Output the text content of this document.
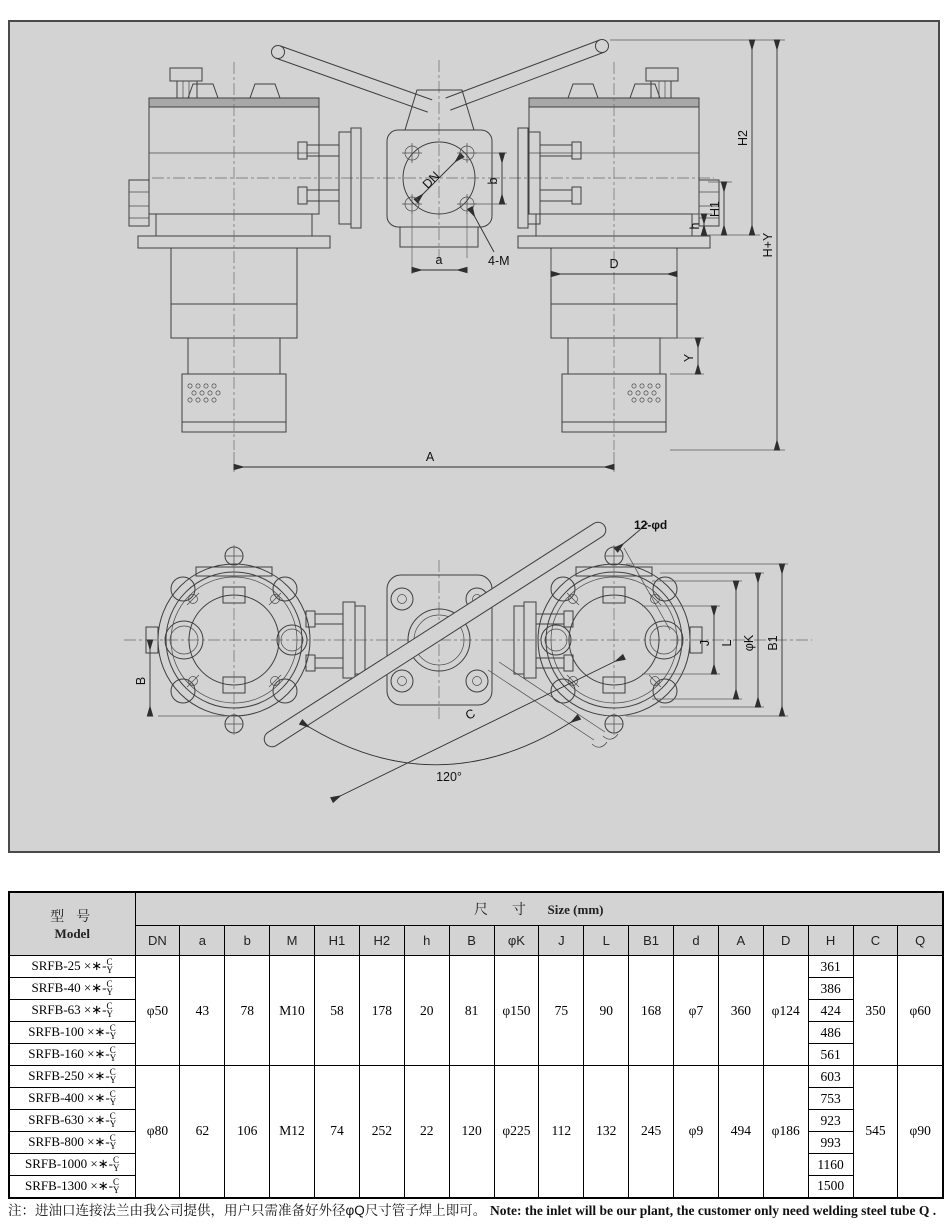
H+Y
H2
H1
h
D
Y
A
a	4-M
b
DN
120°
C
12-φd
B
J L φK B1
型 号
Model	尺 寸 Size (mm)																	
	DN	a	b	M	H1	H2	h	B	φK	J	L	B1	d	A	D	H	C	Q
SRFB-25 ×∗- C
Y	φ50	43	78	M10	58	178	20	81	φ150	75	90	168	φ7	360	φ124	361	350	φ60
SRFB-40 ×∗- C
Y																386		
SRFB-63 ×∗- C
Y																424		
SRFB-100 ×∗- C
Y																486		
SRFB-160 ×∗- C
Y																561		
SRFB-250 ×∗- C
Y	φ80	62	106	M12	74	252	22	120	φ225	112	132	245	φ9	494	φ186	603	545	φ90
SRFB-400 ×∗- C
Y																753		
SRFB-630 ×∗- C
Y																923		
SRFB-800 ×∗- C
Y																993		
SRFB-1000 ×∗- C
Y																1160		
SRFB-1300 ×∗- C
Y																1500		
注：进油口连接法兰由我公司提供，用户只需准备好外径φQ尺寸管子焊上即可。 Note: the inlet will be our plant, the customer only need welding steel tube Q .
